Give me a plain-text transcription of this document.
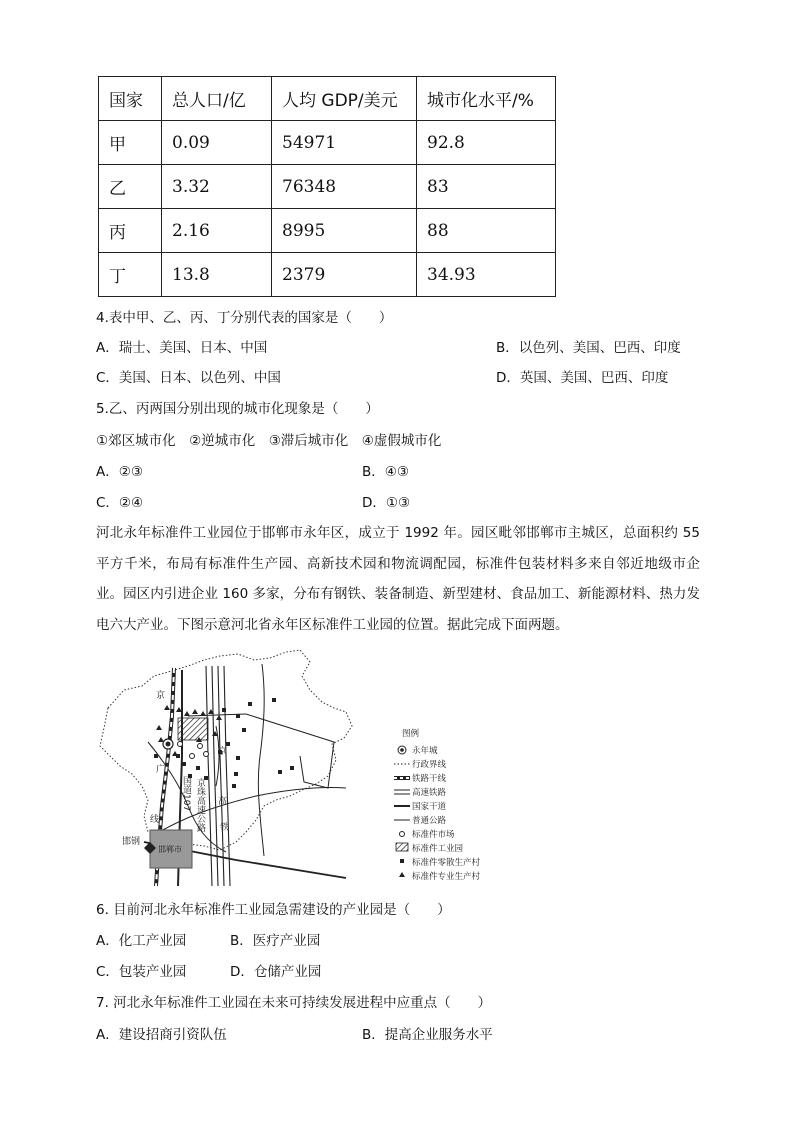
国家	总人口/亿	人均 GDP/美元	城市化水平/%
甲	0.09	54971	92.8
乙	3.32	76348	83
丙	2.16	8995	88
丁	13.8	2379	34.93
4.表中甲、乙、丙、丁分别代表的国家是（　　）
A．瑞士、美国、日本、中国	B．以色列、美国、巴西、印度
C．美国、日本、以色列、中国	D．英国、美国、巴西、印度
5.乙、丙两国分别出现的城市化现象是（　　）
①郊区城市化　②逆城市化　③滞后城市化　④虚假城市化
A．②③	B．④③
C．②④	D．①③
河北永年标准件工业园位于邯郸市永年区，成立于 1992 年。园区毗邻邯郸市主城区，总面积约 55 平方千米，布局有标准件生产园、高新技术园和物流调配园，标准件包装材料多来自邻近地级市企业。园区内引进企业 160 多家，分布有钢铁、装备制造、新型建材、食品加工、新能源材料、热力发电六大产业。下图示意河北省永年区标准件工业园的位置。据此完成下面两题。
京
广
线
国道107 京珠高速公路
京
高
铁
邯钢
邯郸市
图例
永年城
行政界线
铁路干线
高速铁路
国家干道
普通公路
标准件市场
标准件工业园
标准件零散生产村
标准件专业生产村
6. 目前河北永年标准件工业园急需建设的产业园是（　　）
A．化工产业园	B．医疗产业园
C．包装产业园	D．仓储产业园
7. 河北永年标准件工业园在未来可持续发展进程中应重点（　　）
A．建设招商引资队伍	B．提高企业服务水平
